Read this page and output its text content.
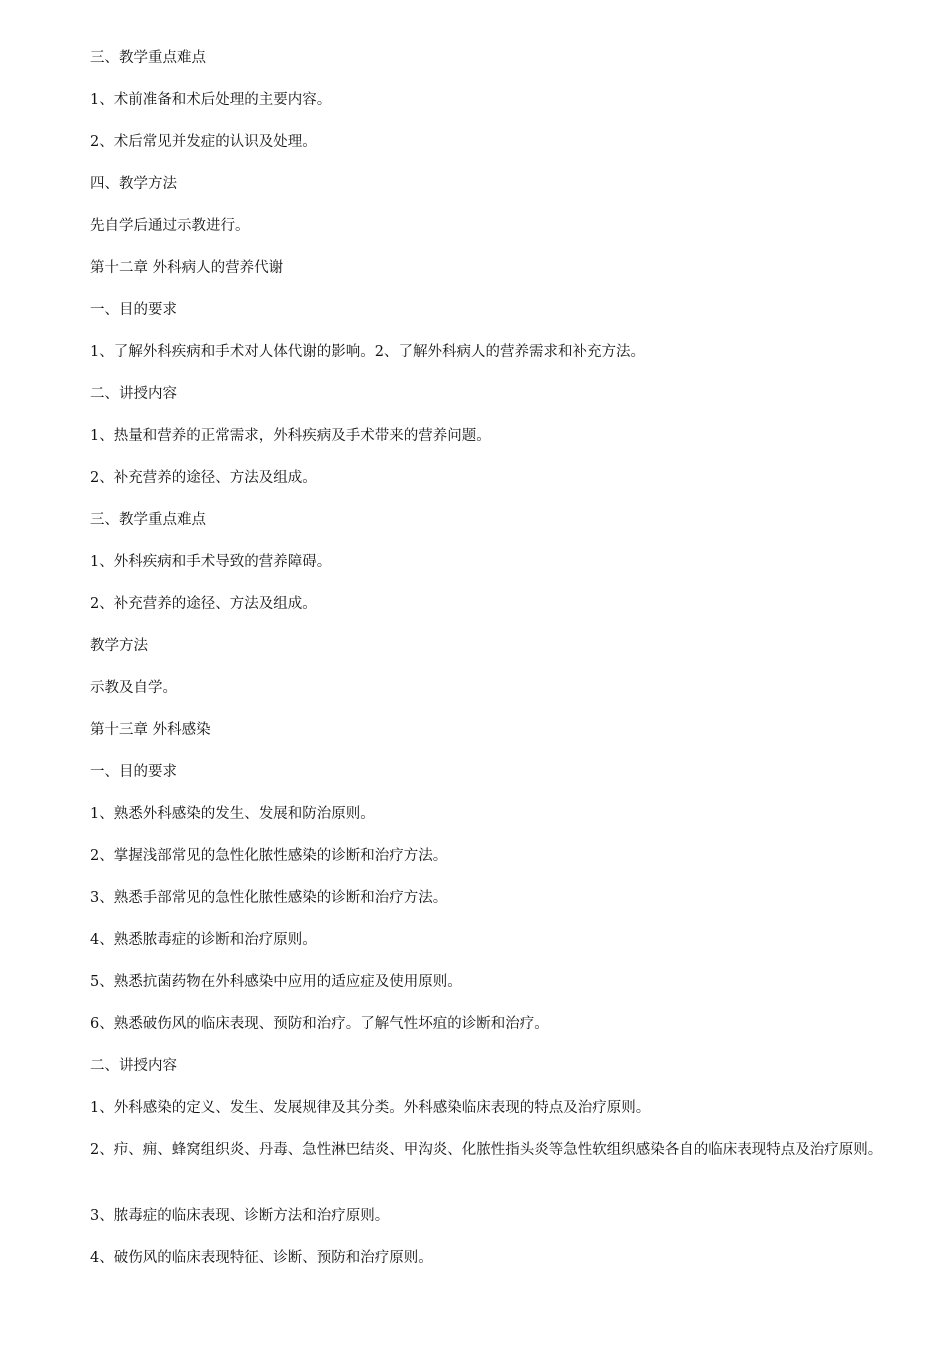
三、教学重点难点
1、术前准备和术后处理的主要内容。
2、术后常见并发症的认识及处理。
四、教学方法
先自学后通过示教进行。
第十二章 外科病人的营养代谢
一、目的要求
1、了解外科疾病和手术对人体代谢的影响。2、了解外科病人的营养需求和补充方法。
二、讲授内容
1、热量和营养的正常需求，外科疾病及手术带来的营养问题。
2、补充营养的途径、方法及组成。
三、教学重点难点
1、外科疾病和手术导致的营养障碍。
2、补充营养的途径、方法及组成。
教学方法
示教及自学。
第十三章 外科感染
一、目的要求
1、熟悉外科感染的发生、发展和防治原则。
2、掌握浅部常见的急性化脓性感染的诊断和治疗方法。
3、熟悉手部常见的急性化脓性感染的诊断和治疗方法。
4、熟悉脓毒症的诊断和治疗原则。
5、熟悉抗菌药物在外科感染中应用的适应症及使用原则。
6、熟悉破伤风的临床表现、预防和治疗。了解气性坏疽的诊断和治疗。
二、讲授内容
1、外科感染的定义、发生、发展规律及其分类。外科感染临床表现的特点及治疗原则。
2、疖、痈、蜂窝组织炎、丹毒、急性淋巴结炎、甲沟炎、化脓性指头炎等急性软组织感染各自的临床表现特点及治疗原则。
3、脓毒症的临床表现、诊断方法和治疗原则。
4、破伤风的临床表现特征、诊断、预防和治疗原则。
